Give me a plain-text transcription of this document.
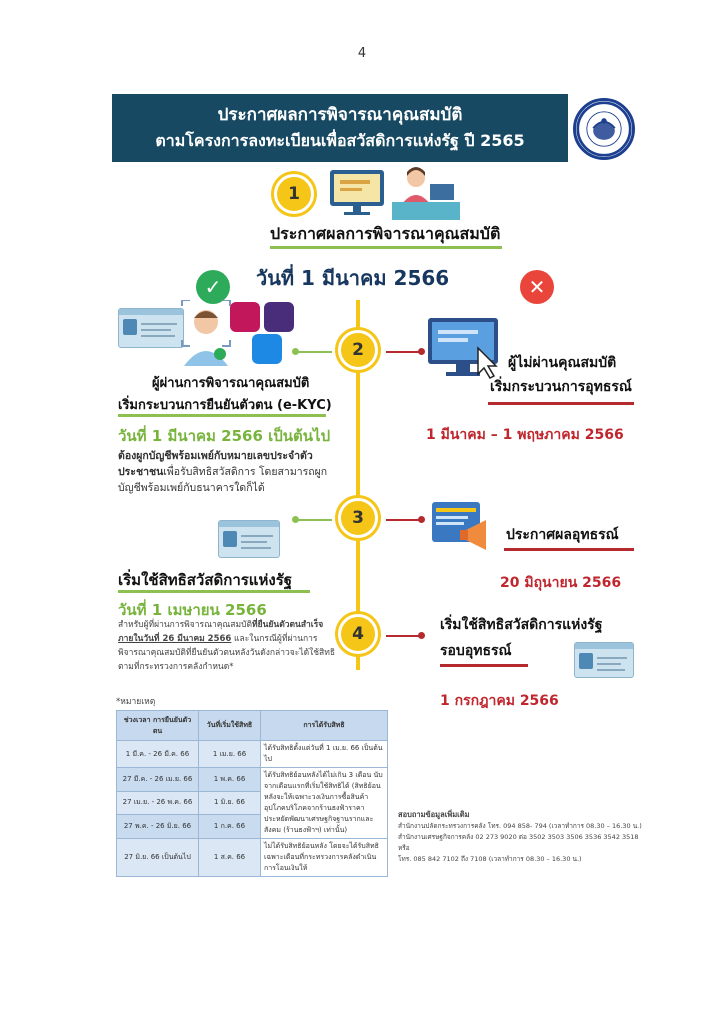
4
ประกาศผลการพิจารณาคุณสมบัติ
ตามโครงการลงทะเบียนเพื่อสวัสดิการแห่งรัฐ ปี 2565
1
ประกาศผลการพิจารณาคุณสมบัติ
วันที่ 1 มีนาคม 2566
✓	✕
2
ผู้ผ่านการพิจารณาคุณสมบัติ
เริ่มกระบวนการยืนยันตัวตน (e-KYC)
วันที่ 1 มีนาคม 2566 เป็นต้นไป
ต้องผูกบัญชีพร้อมเพย์กับหมายเลขประจำตัวประชาชนเพื่อรับสิทธิสวัสดิการ โดยสามารถผูกบัญชีพร้อมเพย์กับธนาคารใดก็ได้
ผู้ไม่ผ่านคุณสมบัติ
เริ่มกระบวนการอุทธรณ์
1 มีนาคม – 1 พฤษภาคม 2566
3
เริ่มใช้สิทธิสวัสดิการแห่งรัฐ
วันที่ 1 เมษายน 2566
สำหรับผู้ที่ผ่านการพิจารณาคุณสมบัติที่ยืนยันตัวตนสำเร็จภายในวันที่ 26 มีนาคม 2566 และในกรณีผู้ที่ผ่านการพิจารณาคุณสมบัติที่ยืนยันตัวตนหลังวันดังกล่าวจะได้ใช้สิทธิตามที่กระทรวงการคลังกำหนด*
ประกาศผลอุทธรณ์
20 มิถุนายน 2566
4	เริ่มใช้สิทธิสวัสดิการแห่งรัฐ
รอบอุทธรณ์
1 กรกฎาคม 2566
*หมายเหตุ
ช่วงเวลา การยืนยันตัวตน	วันที่เริ่มใช้สิทธิ	การได้รับสิทธิ
1 มี.ค. - 26 มี.ค. 66	1 เม.ย. 66	ได้รับสิทธิตั้งแต่วันที่ 1 เม.ย. 66 เป็นต้นไป
27 มี.ค. - 26 เม.ย. 66	1 พ.ค. 66	ได้รับสิทธิย้อนหลังได้ไม่เกิน 3 เดือน นับจากเดือนแรกที่เริ่มใช้สิทธิได้ (สิทธิย้อนหลังจะให้เฉพาะวงเงินการซื้อสินค้าอุปโภคบริโภคจากร้านธงฟ้าราคาประหยัดพัฒนาเศรษฐกิจฐานรากและสังคม (ร้านธงฟ้าฯ) เท่านั้น)
27 เม.ย. - 26 พ.ค. 66	1 มิ.ย. 66	
27 พ.ค. - 26 มิ.ย. 66	1 ก.ค. 66	
27 มิ.ย. 66 เป็นต้นไป	1 ส.ค. 66	ไม่ได้รับสิทธิย้อนหลัง โดยจะได้รับสิทธิเฉพาะเดือนที่กระทรวงการคลังดำเนินการโอนเงินให้
สอบถามข้อมูลเพิ่มเติม
สำนักงานปลัดกระทรวงการคลัง โทร. 094 858- 794 (เวลาทำการ 08.30 – 16.30 น.)
สำนักงานเศรษฐกิจการคลัง 02 273 9020 ต่อ 3502 3503 3506 3536 3542 3518 หรือ
โทร. 085 842 7102 ถึง 7108 (เวลาทำการ 08.30 – 16.30 น.)
